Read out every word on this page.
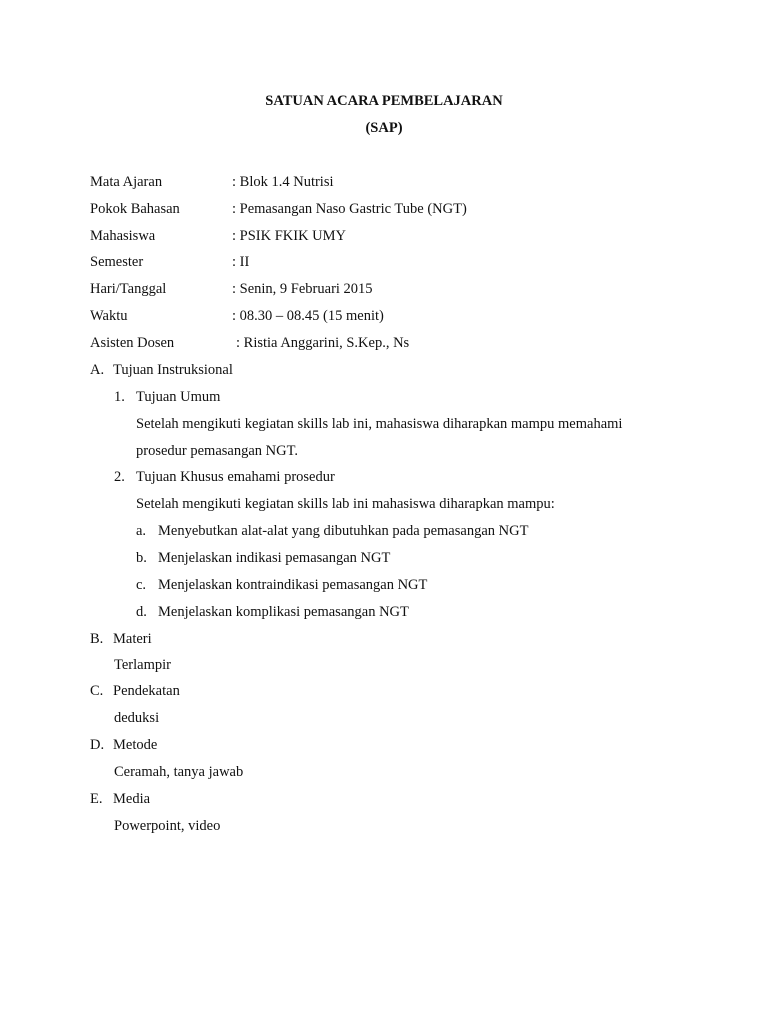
SATUAN ACARA PEMBELAJARAN
(SAP)
Mata Ajaran	: Blok 1.4 Nutrisi
Pokok Bahasan	: Pemasangan Naso Gastric Tube (NGT)
Mahasiswa	: PSIK FKIK UMY
Semester	: II
Hari/Tanggal	: Senin, 9 Februari 2015
Waktu	: 08.30 – 08.45 (15 menit)
Asisten Dosen	: Ristia Anggarini, S.Kep., Ns
A. Tujuan Instruksional
1. Tujuan Umum
Setelah mengikuti kegiatan skills lab ini, mahasiswa diharapkan mampu memahami
prosedur pemasangan NGT.
2. Tujuan Khusus emahami prosedur
Setelah mengikuti kegiatan skills lab ini mahasiswa diharapkan mampu:
a. Menyebutkan alat-alat yang dibutuhkan pada pemasangan NGT
b. Menjelaskan indikasi pemasangan NGT
c. Menjelaskan kontraindikasi pemasangan NGT
d. Menjelaskan komplikasi pemasangan NGT
B. Materi
Terlampir
C. Pendekatan
deduksi
D. Metode
Ceramah, tanya jawab
E. Media
Powerpoint, video
